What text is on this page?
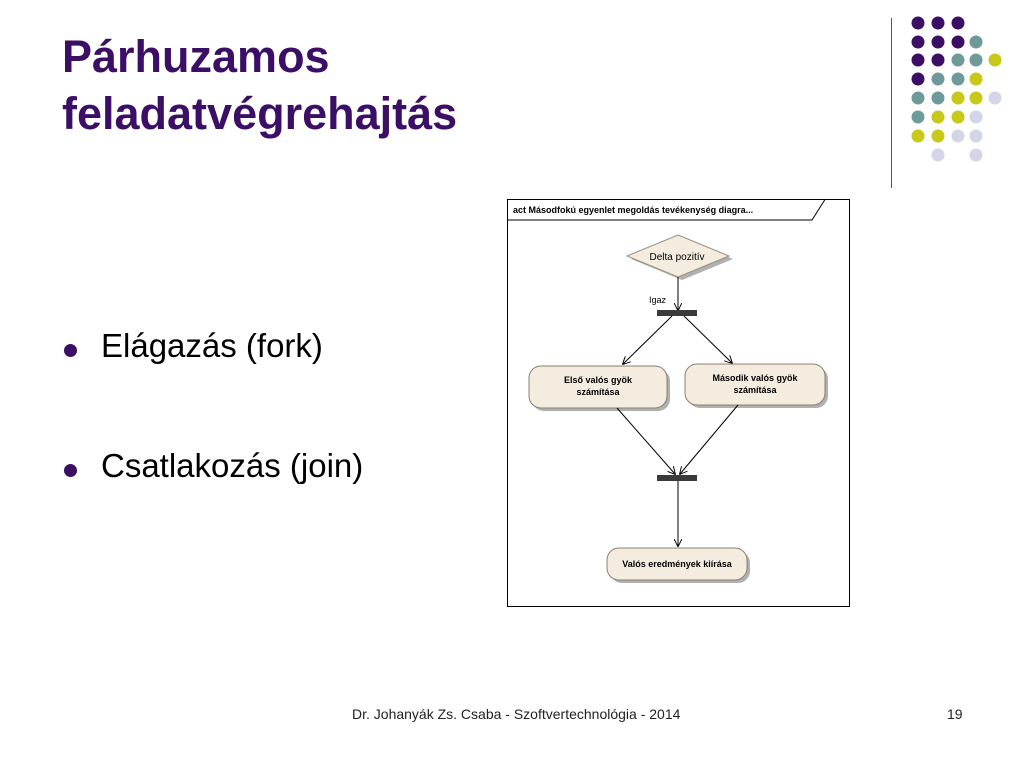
Párhuzamos
feladatvégrehajtás
Elágazás (fork)
Csatlakozás (join)
act Másodfokú egyenlet megoldás tevékenység diagra...
Delta pozitív
Igaz
Első valós gyök
számítása
Második valós gyök
számítása
Valós eredmények kiírása
Dr. Johanyák Zs. Csaba - Szoftvertechnológia - 2014	19
